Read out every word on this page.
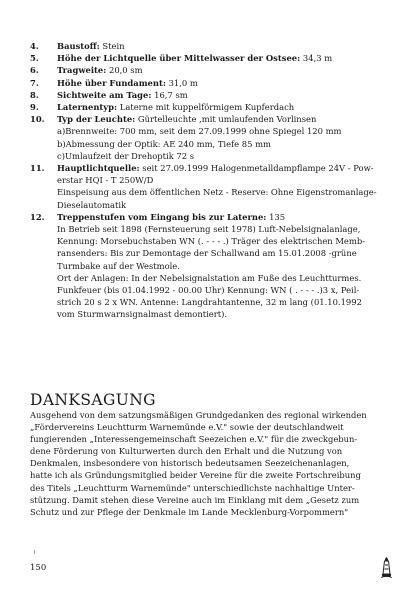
4. Baustoff: Stein
5. Höhe der Lichtquelle über Mittelwasser der Ostsee: 34,3 m
6. Tragweite: 20,0 sm
7. Höhe über Fundament: 31,0 m
8. Sichtweite am Tage: 16,7 sm
9. Laternentyp: Laterne mit kuppelförmigem Kupferdach
10. Typ der Leuchte: Gürtelleuchte ,mit umlaufenden Vorlinsen
a)Brennweite: 700 mm, seit dem 27.09.1999 ohne Spiegel 120 mm
b)Abmessung der Optik: AE 240 mm, Tiefe 85 mm
c)Umlaufzeit der Drehoptik 72 s
11. Hauptlichtquelle: seit 27.09.1999 Halogenmetalldampflampe 24V - Pow-
erstar HQI - T 250W/D
Einspeisung aus dem öffentlichen Netz - Reserve: Ohne Eigenstromanlage-
Dieselautomatik
12. Treppenstufen vom Eingang bis zur Laterne: 135
In Betrieb seit 1898 (Fernsteuerung seit 1978) Luft-Nebelsignalanlage,
Kennung: Morsebuchstaben WN (. - - - .) Träger des elektrischen Memb-
ransenders: Bis zur Demontage der Schallwand am 15.01.2008 -grüne
Turmbake auf der Westmole.
Ort der Anlagen: In der Nebelsignalstation am Fuße des Leuchtturmes.
Funkfeuer (bis 01.04.1992 - 00.00 Uhr) Kennung: WN ( . - - - .)3 x, Peil-
strich 20 s 2 x WN. Antenne: Langdrahtantenne, 32 m lang (01.10.1992
vom Sturmwarnsignalmast demontiert).
DANKSAGUNG
Ausgehend von dem satzungsmäßigen Grundgedanken des regional wirkenden
„Fördervereins Leuchtturm Warnemünde e.V." sowie der deutschlandweit
fungierenden „Interessengemeinschaft Seezeichen e.V." für die zweckgebun-
dene Förderung von Kulturwerten durch den Erhalt und die Nutzung von
Denkmalen, insbesondere von historisch bedeutsamen Seezeichenanlagen,
hatte ich als Gründungsmitglied beider Vereine für die zweite Fortschreibung
des Titels „Leuchtturm Warnemünde" unterschiedlichste nachhaltige Unter-
stützung. Damit stehen diese Vereine auch im Einklang mit dem „Gesetz zum
Schutz und zur Pflege der Denkmale im Lande Mecklenburg-Vorpommern"
150
